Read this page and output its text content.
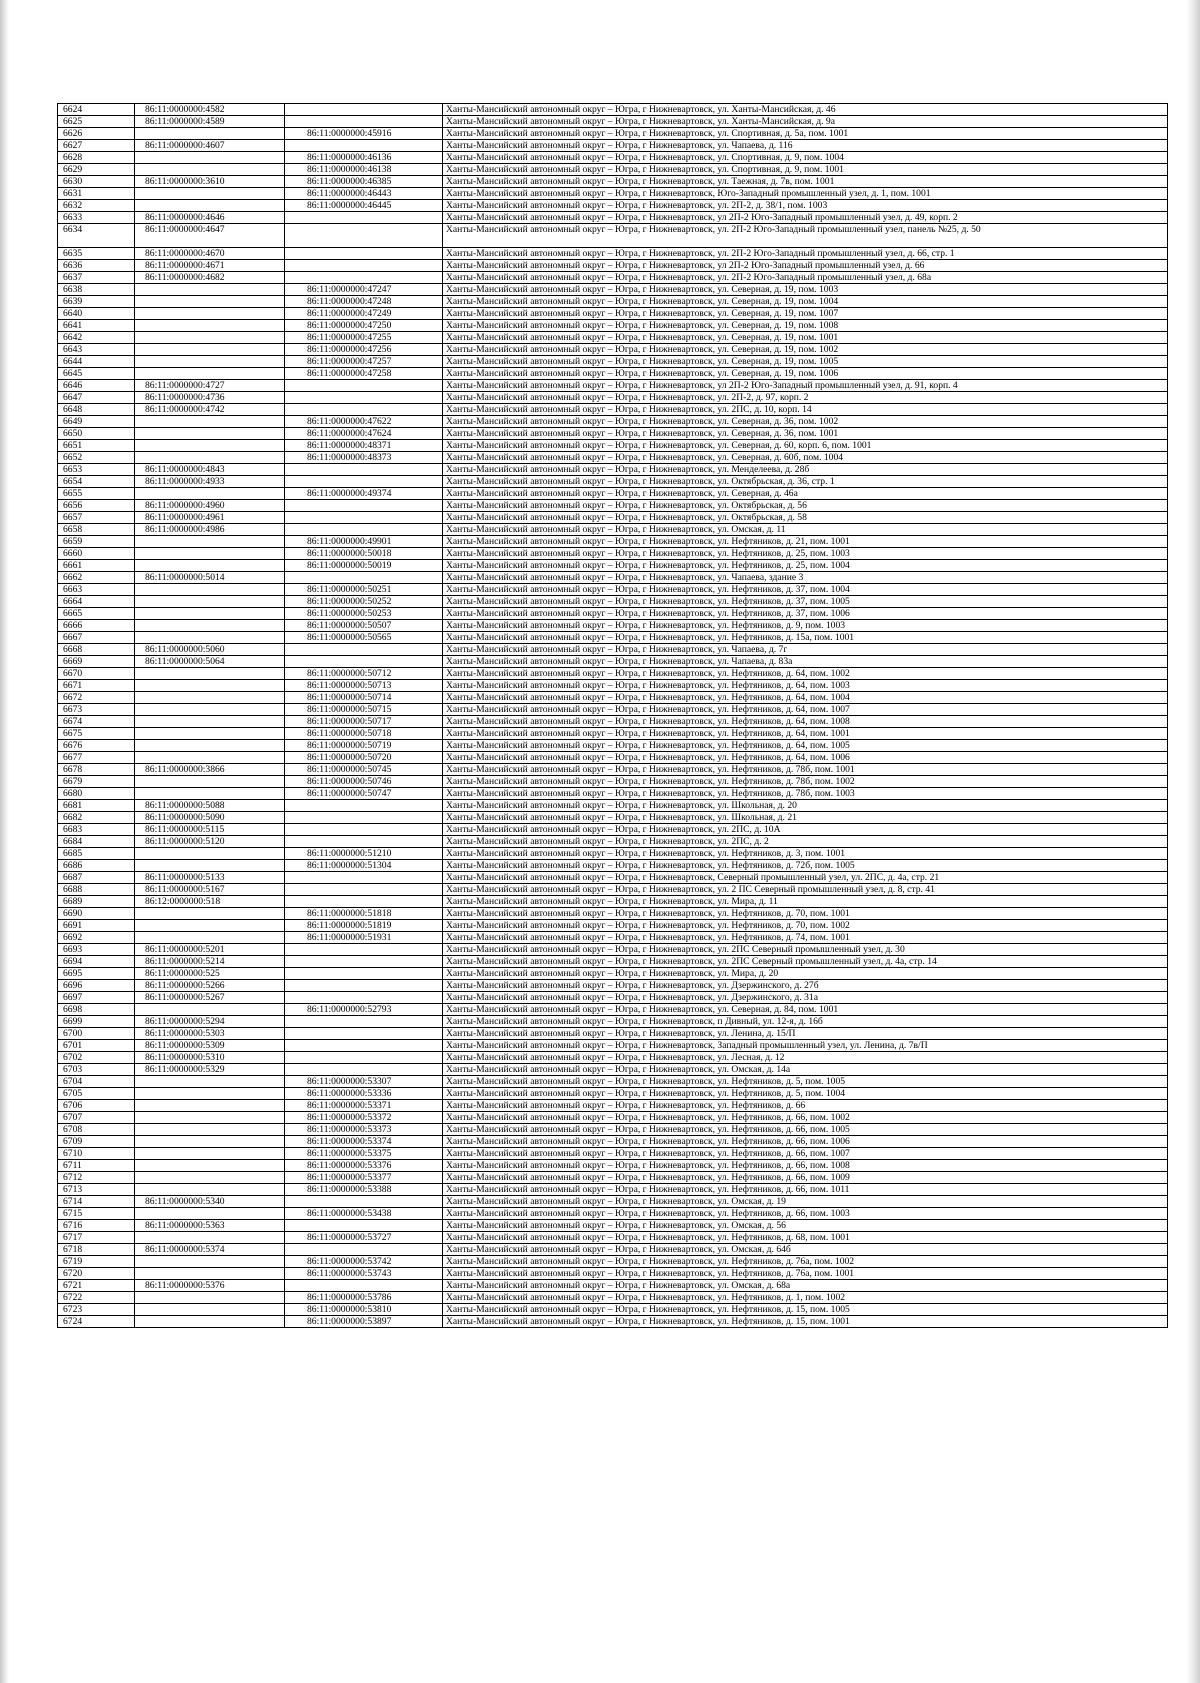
6624	86:11:0000000:4582		Ханты-Мансийский автономный округ – Югра, г Нижневартовск, ул. Ханты-Мансийская, д. 46
6625	86:11:0000000:4589		Ханты-Мансийский автономный округ – Югра, г Нижневартовск, ул. Ханты-Мансийская, д. 9а
6626		86:11:0000000:45916	Ханты-Мансийский автономный округ – Югра, г Нижневартовск, ул. Спортивная, д. 5а, пом. 1001
6627	86:11:0000000:4607		Ханты-Мансийский автономный округ – Югра, г Нижневартовск, ул. Чапаева, д. 116
6628		86:11:0000000:46136	Ханты-Мансийский автономный округ – Югра, г Нижневартовск, ул. Спортивная, д. 9, пом. 1004
6629		86:11:0000000:46138	Ханты-Мансийский автономный округ – Югра, г Нижневартовск, ул. Спортивная, д. 9, пом. 1001
6630	86:11:0000000:3610	86:11:0000000:46385	Ханты-Мансийский автономный округ – Югра, г Нижневартовск, ул. Таежная, д. 7в, пом. 1001
6631		86:11:0000000:46443	Ханты-Мансийский автономный округ – Югра, г Нижневартовск, Юго-Западный промышленный узел, д. 1, пом. 1001
6632		86:11:0000000:46445	Ханты-Мансийский автономный округ – Югра, г Нижневартовск, ул. 2П-2, д. 38/1, пом. 1003
6633	86:11:0000000:4646		Ханты-Мансийский автономный округ – Югра, г Нижневартовск, ул 2П-2 Юго-Западный промышленный узел, д. 49, корп. 2
6634	86:11:0000000:4647		Ханты-Мансийский автономный округ – Югра, г Нижневартовск, ул. 2П-2 Юго-Западный промышленный узел, панель №25, д. 50
6635	86:11:0000000:4670		Ханты-Мансийский автономный округ – Югра, г Нижневартовск, ул. 2П-2 Юго-Западный промышленный узел, д. 66, стр. 1
6636	86:11:0000000:4671		Ханты-Мансийский автономный округ – Югра, г Нижневартовск, ул 2П-2 Юго-Западный промышленный узел, д. 66
6637	86:11:0000000:4682		Ханты-Мансийский автономный округ – Югра, г Нижневартовск, ул. 2П-2 Юго-Западный промышленный узел, д. 68а
6638		86:11:0000000:47247	Ханты-Мансийский автономный округ – Югра, г Нижневартовск, ул. Северная, д. 19, пом. 1003
6639		86:11:0000000:47248	Ханты-Мансийский автономный округ – Югра, г Нижневартовск, ул. Северная, д. 19, пом. 1004
6640		86:11:0000000:47249	Ханты-Мансийский автономный округ – Югра, г Нижневартовск, ул. Северная, д. 19, пом. 1007
6641		86:11:0000000:47250	Ханты-Мансийский автономный округ – Югра, г Нижневартовск, ул. Северная, д. 19, пом. 1008
6642		86:11:0000000:47255	Ханты-Мансийский автономный округ – Югра, г Нижневартовск, ул. Северная, д. 19, пом. 1001
6643		86:11:0000000:47256	Ханты-Мансийский автономный округ – Югра, г Нижневартовск, ул. Северная, д. 19, пом. 1002
6644		86:11:0000000:47257	Ханты-Мансийский автономный округ – Югра, г Нижневартовск, ул. Северная, д. 19, пом. 1005
6645		86:11:0000000:47258	Ханты-Мансийский автономный округ – Югра, г Нижневартовск, ул. Северная, д. 19, пом. 1006
6646	86:11:0000000:4727		Ханты-Мансийский автономный округ – Югра, г Нижневартовск, ул 2П-2 Юго-Западный промышленный узел, д. 91, корп. 4
6647	86:11:0000000:4736		Ханты-Мансийский автономный округ – Югра, г Нижневартовск, ул. 2П-2, д. 97, корп. 2
6648	86:11:0000000:4742		Ханты-Мансийский автономный округ – Югра, г Нижневартовск, ул. 2ПС, д. 10, корп. 14
6649		86:11:0000000:47622	Ханты-Мансийский автономный округ – Югра, г Нижневартовск, ул. Северная, д. 36, пом. 1002
6650		86:11:0000000:47624	Ханты-Мансийский автономный округ – Югра, г Нижневартовск, ул. Северная, д. 36, пом. 1001
6651		86:11:0000000:48371	Ханты-Мансийский автономный округ – Югра, г Нижневартовск, ул. Северная, д. 60, корп. 6, пом. 1001
6652		86:11:0000000:48373	Ханты-Мансийский автономный округ – Югра, г Нижневартовск, ул. Северная, д. 60б, пом. 1004
6653	86:11:0000000:4843		Ханты-Мансийский автономный округ – Югра, г Нижневартовск, ул. Менделеева, д. 28б
6654	86:11:0000000:4933		Ханты-Мансийский автономный округ – Югра, г Нижневартовск, ул. Октябрьская, д. 36, стр. 1
6655		86:11:0000000:49374	Ханты-Мансийский автономный округ – Югра, г Нижневартовск, ул. Северная, д. 46а
6656	86:11:0000000:4960		Ханты-Мансийский автономный округ – Югра, г Нижневартовск, ул. Октябрьская, д. 56
6657	86:11:0000000:4961		Ханты-Мансийский автономный округ – Югра, г Нижневартовск, ул. Октябрьская, д. 58
6658	86:11:0000000:4986		Ханты-Мансийский автономный округ – Югра, г Нижневартовск, ул. Омская, д. 11
6659		86:11:0000000:49901	Ханты-Мансийский автономный округ – Югра, г Нижневартовск, ул. Нефтяников, д. 21, пом. 1001
6660		86:11:0000000:50018	Ханты-Мансийский автономный округ – Югра, г Нижневартовск, ул. Нефтяников, д. 25, пом. 1003
6661		86:11:0000000:50019	Ханты-Мансийский автономный округ – Югра, г Нижневартовск, ул. Нефтяников, д. 25, пом. 1004
6662	86:11:0000000:5014		Ханты-Мансийский автономный округ – Югра, г Нижневартовск, ул. Чапаева, здание 3
6663		86:11:0000000:50251	Ханты-Мансийский автономный округ – Югра, г Нижневартовск, ул. Нефтяников, д. 37, пом. 1004
6664		86:11:0000000:50252	Ханты-Мансийский автономный округ – Югра, г Нижневартовск, ул. Нефтяников, д. 37, пом. 1005
6665		86:11:0000000:50253	Ханты-Мансийский автономный округ – Югра, г Нижневартовск, ул. Нефтяников, д. 37, пом. 1006
6666		86:11:0000000:50507	Ханты-Мансийский автономный округ – Югра, г Нижневартовск, ул. Нефтяников, д. 9, пом. 1003
6667		86:11:0000000:50565	Ханты-Мансийский автономный округ – Югра, г Нижневартовск, ул. Нефтяников, д. 15а, пом. 1001
6668	86:11:0000000:5060		Ханты-Мансийский автономный округ – Югра, г Нижневартовск, ул. Чапаева, д. 7г
6669	86:11:0000000:5064		Ханты-Мансийский автономный округ – Югра, г Нижневартовск, ул. Чапаева, д. 83а
6670		86:11:0000000:50712	Ханты-Мансийский автономный округ – Югра, г Нижневартовск, ул. Нефтяников, д. 64, пом. 1002
6671		86:11:0000000:50713	Ханты-Мансийский автономный округ – Югра, г Нижневартовск, ул. Нефтяников, д. 64, пом. 1003
6672		86:11:0000000:50714	Ханты-Мансийский автономный округ – Югра, г Нижневартовск, ул. Нефтяников, д. 64, пом. 1004
6673		86:11:0000000:50715	Ханты-Мансийский автономный округ – Югра, г Нижневартовск, ул. Нефтяников, д. 64, пом. 1007
6674		86:11:0000000:50717	Ханты-Мансийский автономный округ – Югра, г Нижневартовск, ул. Нефтяников, д. 64, пом. 1008
6675		86:11:0000000:50718	Ханты-Мансийский автономный округ – Югра, г Нижневартовск, ул. Нефтяников, д. 64, пом. 1001
6676		86:11:0000000:50719	Ханты-Мансийский автономный округ – Югра, г Нижневартовск, ул. Нефтяников, д. 64, пом. 1005
6677		86:11:0000000:50720	Ханты-Мансийский автономный округ – Югра, г Нижневартовск, ул. Нефтяников, д. 64, пом. 1006
6678	86:11:0000000:3866	86:11:0000000:50745	Ханты-Мансийский автономный округ – Югра, г Нижневартовск, ул. Нефтяников, д. 78б, пом. 1001
6679		86:11:0000000:50746	Ханты-Мансийский автономный округ – Югра, г Нижневартовск, ул. Нефтяников, д. 78б, пом. 1002
6680		86:11:0000000:50747	Ханты-Мансийский автономный округ – Югра, г Нижневартовск, ул. Нефтяников, д. 78б, пом. 1003
6681	86:11:0000000:5088		Ханты-Мансийский автономный округ – Югра, г Нижневартовск, ул. Школьная, д. 20
6682	86:11:0000000:5090		Ханты-Мансийский автономный округ – Югра, г Нижневартовск, ул. Школьная, д. 21
6683	86:11:0000000:5115		Ханты-Мансийский автономный округ – Югра, г Нижневартовск, ул. 2ПС, д. 10А
6684	86:11:0000000:5120		Ханты-Мансийский автономный округ – Югра, г Нижневартовск, ул. 2ПС, д. 2
6685		86:11:0000000:51210	Ханты-Мансийский автономный округ – Югра, г Нижневартовск, ул. Нефтяников, д. 3, пом. 1001
6686		86:11:0000000:51304	Ханты-Мансийский автономный округ – Югра, г Нижневартовск, ул. Нефтяников, д. 72б, пом. 1005
6687	86:11:0000000:5133		Ханты-Мансийский автономный округ – Югра, г Нижневартовск, Северный промышленный узел, ул. 2ПС, д. 4а, стр. 21
6688	86:11:0000000:5167		Ханты-Мансийский автономный округ – Югра, г Нижневартовск, ул. 2 ПС Северный промышленный узел, д. 8, стр. 41
6689	86:12:0000000:518		Ханты-Мансийский автономный округ – Югра, г Нижневартовск, ул. Мира, д. 11
6690		86:11:0000000:51818	Ханты-Мансийский автономный округ – Югра, г Нижневартовск, ул. Нефтяников, д. 70, пом. 1001
6691		86:11:0000000:51819	Ханты-Мансийский автономный округ – Югра, г Нижневартовск, ул. Нефтяников, д. 70, пом. 1002
6692		86:11:0000000:51931	Ханты-Мансийский автономный округ – Югра, г Нижневартовск, ул. Нефтяников, д. 74, пом. 1001
6693	86:11:0000000:5201		Ханты-Мансийский автономный округ – Югра, г Нижневартовск, ул. 2ПС Северный промышленный узел, д. 30
6694	86:11:0000000:5214		Ханты-Мансийский автономный округ – Югра, г Нижневартовск, ул. 2ПС Северный промышленный узел, д. 4а, стр. 14
6695	86:11:0000000:525		Ханты-Мансийский автономный округ – Югра, г Нижневартовск, ул. Мира, д. 20
6696	86:11:0000000:5266		Ханты-Мансийский автономный округ – Югра, г Нижневартовск, ул. Дзержинского, д. 27б
6697	86:11:0000000:5267		Ханты-Мансийский автономный округ – Югра, г Нижневартовск, ул. Дзержинского, д. 31а
6698		86:11:0000000:52793	Ханты-Мансийский автономный округ – Югра, г Нижневартовск, ул. Северная, д. 84, пом. 1001
6699	86:11:0000000:5294		Ханты-Мансийский автономный округ – Югра, г Нижневартовск, п Дивный, ул. 12-я, д. 16б
6700	86:11:0000000:5303		Ханты-Мансийский автономный округ – Югра, г Нижневартовск, ул. Ленина, д. 15/П
6701	86:11:0000000:5309		Ханты-Мансийский автономный округ – Югра, г Нижневартовск, Западный промышленный узел, ул. Ленина, д. 7в/П
6702	86:11:0000000:5310		Ханты-Мансийский автономный округ – Югра, г Нижневартовск, ул. Лесная, д. 12
6703	86:11:0000000:5329		Ханты-Мансийский автономный округ – Югра, г Нижневартовск, ул. Омская, д. 14а
6704		86:11:0000000:53307	Ханты-Мансийский автономный округ – Югра, г Нижневартовск, ул. Нефтяников, д. 5, пом. 1005
6705		86:11:0000000:53336	Ханты-Мансийский автономный округ – Югра, г Нижневартовск, ул. Нефтяников, д. 5, пом. 1004
6706		86:11:0000000:53371	Ханты-Мансийский автономный округ – Югра, г Нижневартовск, ул. Нефтяников, д. 66
6707		86:11:0000000:53372	Ханты-Мансийский автономный округ – Югра, г Нижневартовск, ул. Нефтяников, д. 66, пом. 1002
6708		86:11:0000000:53373	Ханты-Мансийский автономный округ – Югра, г Нижневартовск, ул. Нефтяников, д. 66, пом. 1005
6709		86:11:0000000:53374	Ханты-Мансийский автономный округ – Югра, г Нижневартовск, ул. Нефтяников, д. 66, пом. 1006
6710		86:11:0000000:53375	Ханты-Мансийский автономный округ – Югра, г Нижневартовск, ул. Нефтяников, д. 66, пом. 1007
6711		86:11:0000000:53376	Ханты-Мансийский автономный округ – Югра, г Нижневартовск, ул. Нефтяников, д. 66, пом. 1008
6712		86:11:0000000:53377	Ханты-Мансийский автономный округ – Югра, г Нижневартовск, ул. Нефтяников, д. 66, пом. 1009
6713		86:11:0000000:53388	Ханты-Мансийский автономный округ – Югра, г Нижневартовск, ул. Нефтяников, д. 66, пом. 1011
6714	86:11:0000000:5340		Ханты-Мансийский автономный округ – Югра, г Нижневартовск, ул. Омская, д. 19
6715		86:11:0000000:53438	Ханты-Мансийский автономный округ – Югра, г Нижневартовск, ул. Нефтяников, д. 66, пом. 1003
6716	86:11:0000000:5363		Ханты-Мансийский автономный округ – Югра, г Нижневартовск, ул. Омская, д. 56
6717		86:11:0000000:53727	Ханты-Мансийский автономный округ – Югра, г Нижневартовск, ул. Нефтяников, д. 68, пом. 1001
6718	86:11:0000000:5374		Ханты-Мансийский автономный округ – Югра, г Нижневартовск, ул. Омская, д. 64б
6719		86:11:0000000:53742	Ханты-Мансийский автономный округ – Югра, г Нижневартовск, ул. Нефтяников, д. 76а, пом. 1002
6720		86:11:0000000:53743	Ханты-Мансийский автономный округ – Югра, г Нижневартовск, ул. Нефтяников, д. 76а, пом. 1001
6721	86:11:0000000:5376		Ханты-Мансийский автономный округ – Югра, г Нижневартовск, ул. Омская, д. 68а
6722		86:11:0000000:53786	Ханты-Мансийский автономный округ – Югра, г Нижневартовск, ул. Нефтяников, д. 1, пом. 1002
6723		86:11:0000000:53810	Ханты-Мансийский автономный округ – Югра, г Нижневартовск, ул. Нефтяников, д. 15, пом. 1005
6724		86:11:0000000:53897	Ханты-Мансийский автономный округ – Югра, г Нижневартовск, ул. Нефтяников, д. 15, пом. 1001
